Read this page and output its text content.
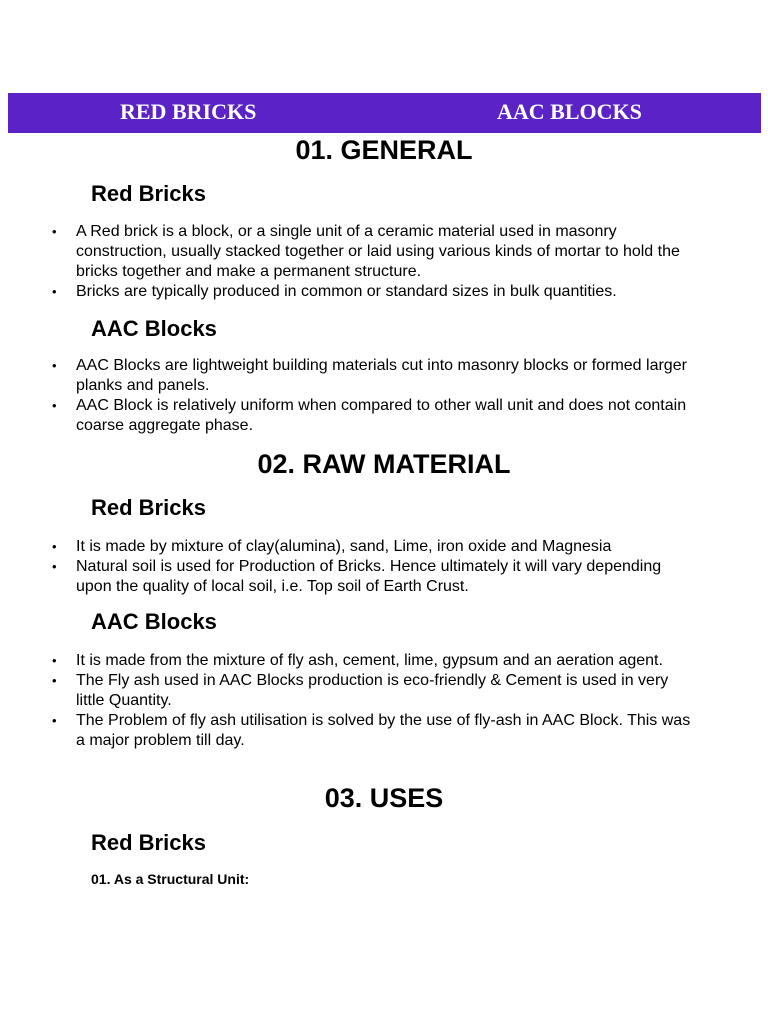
RED BRICKS	AAC BLOCKS
01. GENERAL
Red Bricks
• A Red brick is a block, or a single unit of a ceramic material used in masonry construction, usually stacked together or laid using various kinds of mortar to hold the bricks together and make a permanent structure.
• Bricks are typically produced in common or standard sizes in bulk quantities.
AAC Blocks
• AAC Blocks are lightweight building materials cut into masonry blocks or formed larger planks and panels.
• AAC Block is relatively uniform when compared to other wall unit and does not contain coarse aggregate phase.
02. RAW MATERIAL
Red Bricks
• It is made by mixture of clay(alumina), sand, Lime, iron oxide and Magnesia
• Natural soil is used for Production of Bricks. Hence ultimately it will vary depending upon the quality of local soil, i.e. Top soil of Earth Crust.
AAC Blocks
• It is made from the mixture of fly ash, cement, lime, gypsum and an aeration agent.
• The Fly ash used in AAC Blocks production is eco-friendly & Cement is used in very little Quantity.
• The Problem of fly ash utilisation is solved by the use of fly-ash in AAC Block. This was a major problem till day.
03. USES
Red Bricks
01. As a Structural Unit:
